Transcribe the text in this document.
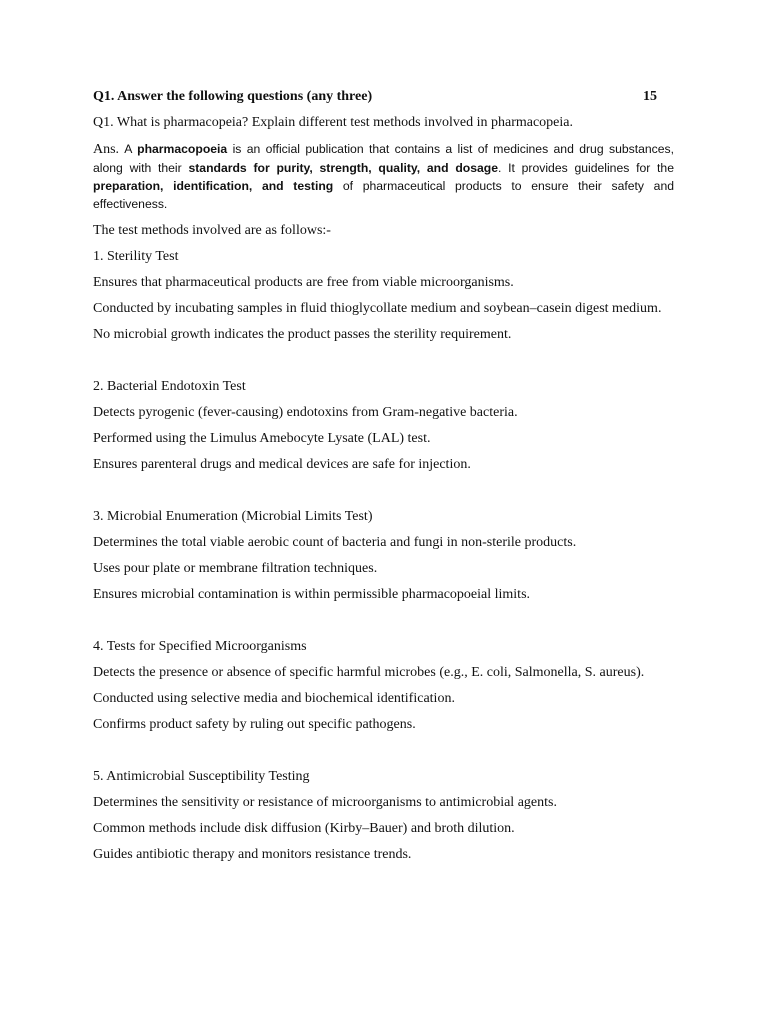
Q1. Answer the following questions (any three)	15

Q1. What is pharmacopeia? Explain different test methods involved in pharmacopeia.

Ans. A pharmacopoeia is an official publication that contains a list of medicines and drug substances, along with their standards for purity, strength, quality, and dosage. It provides guidelines for the preparation, identification, and testing of pharmaceutical products to ensure their safety and effectiveness.

The test methods involved are as follows:-

1. Sterility Test

Ensures that pharmaceutical products are free from viable microorganisms.

Conducted by incubating samples in fluid thioglycollate medium and soybean–casein digest medium.

No microbial growth indicates the product passes the sterility requirement.

2. Bacterial Endotoxin Test

Detects pyrogenic (fever-causing) endotoxins from Gram-negative bacteria.

Performed using the Limulus Amebocyte Lysate (LAL) test.

Ensures parenteral drugs and medical devices are safe for injection.

3. Microbial Enumeration (Microbial Limits Test)

Determines the total viable aerobic count of bacteria and fungi in non-sterile products.

Uses pour plate or membrane filtration techniques.

Ensures microbial contamination is within permissible pharmacopoeial limits.

4. Tests for Specified Microorganisms

Detects the presence or absence of specific harmful microbes (e.g., E. coli, Salmonella, S. aureus).

Conducted using selective media and biochemical identification.

Confirms product safety by ruling out specific pathogens.

5. Antimicrobial Susceptibility Testing

Determines the sensitivity or resistance of microorganisms to antimicrobial agents.

Common methods include disk diffusion (Kirby–Bauer) and broth dilution.

Guides antibiotic therapy and monitors resistance trends.
